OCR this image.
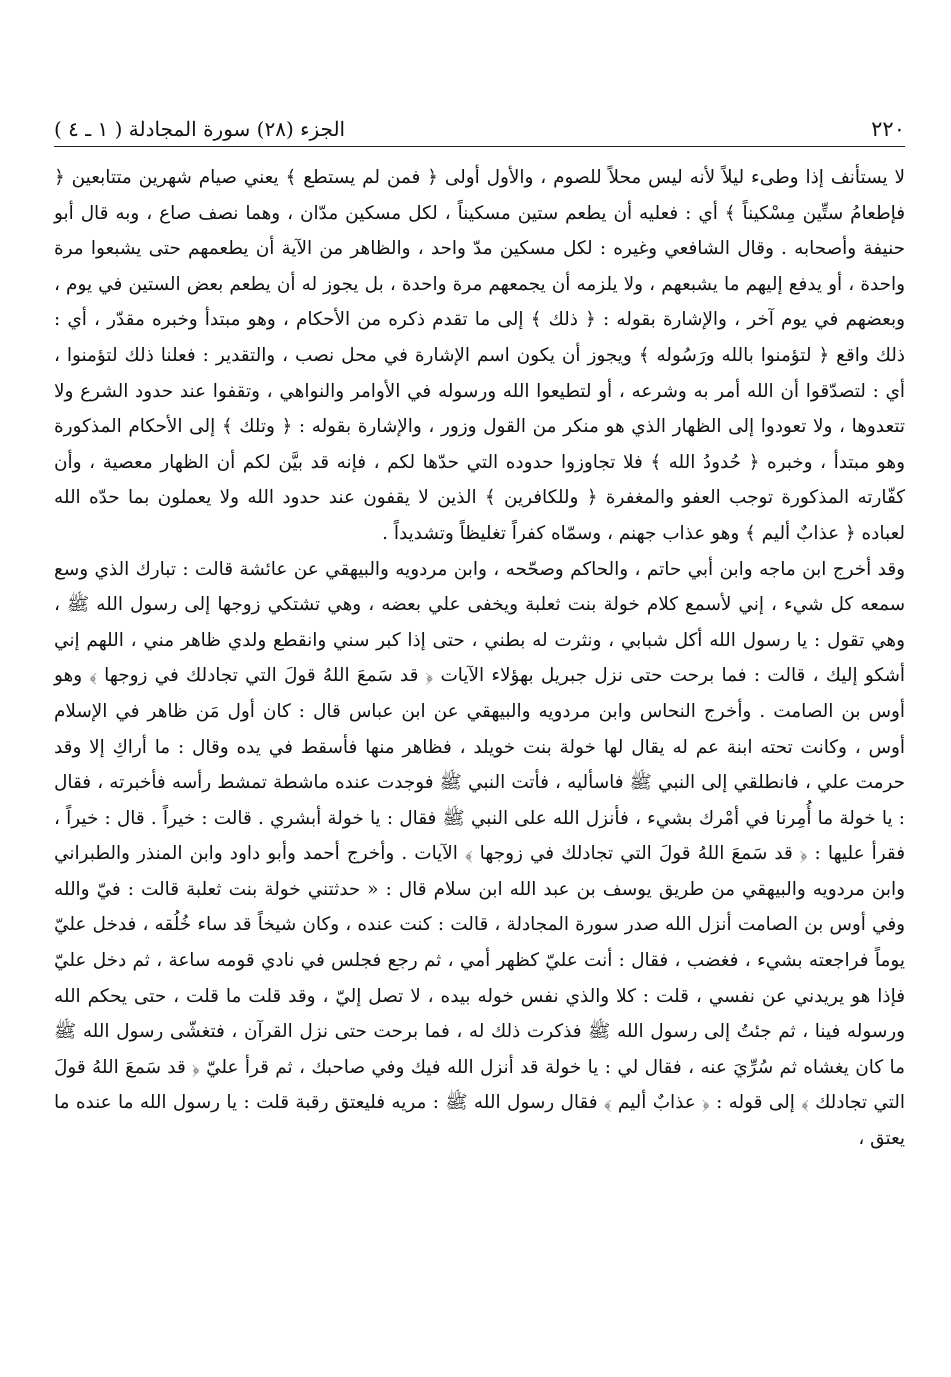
٢٢٠
الجزء (٢٨) سورة المجادلة ( ١ ـ ٤ )

لا يستأنف إذا وطىء ليلاً لأنه ليس محلاً للصوم ، والأول أولى ﴿ فمن لم يستطع ﴾ يعني صيام شهرين متتابعين ﴿ فإطعامُ ستِّين مِسْكيناً ﴾ أي : فعليه أن يطعم ستين مسكيناً ، لكل مسكين مدّان ، وهما نصف صاع ، وبه قال أبو حنيفة وأصحابه . وقال الشافعي وغيره : لكل مسكين مدّ واحد ، والظاهر من الآية أن يطعمهم حتى يشبعوا مرة واحدة ، أو يدفع إليهم ما يشبعهم ، ولا يلزمه أن يجمعهم مرة واحدة ، بل يجوز له أن يطعم بعض الستين في يوم ، وبعضهم في يوم آخر ، والإشارة بقوله : ﴿ ذلك ﴾ إلى ما تقدم ذكره من الأحكام ، وهو مبتدأ وخبره مقدّر ، أي : ذلك واقع ﴿ لتؤمنوا بالله ورَسُوله ﴾ ويجوز أن يكون اسم الإشارة في محل نصب ، والتقدير : فعلنا ذلك لتؤمنوا ، أي : لتصدّقوا أن الله أمر به وشرعه ، أو لتطيعوا الله ورسوله في الأوامر والنواهي ، وتقفوا عند حدود الشرع ولا تتعدوها ، ولا تعودوا إلى الظهار الذي هو منكر من القول وزور ، والإشارة بقوله : ﴿ وتلك ﴾ إلى الأحكام المذكورة وهو مبتدأ ، وخبره ﴿ حُدودُ الله ﴾ فلا تجاوزوا حدوده التي حدّها لكم ، فإنه قد بيَّن لكم أن الظهار معصية ، وأن كفّارته المذكورة توجب العفو والمغفرة ﴿ وللكافرين ﴾ الذين لا يقفون عند حدود الله ولا يعملون بما حدّه الله لعباده ﴿ عذابٌ أليم ﴾ وهو عذاب جهنم ، وسمّاه كفراً تغليظاً وتشديداً .

وقد أخرج ابن ماجه وابن أبي حاتم ، والحاكم وصحّحه ، وابن مردويه والبيهقي عن عائشة قالت : تبارك الذي وسع سمعه كل شيء ، إني لأسمع كلام خولة بنت ثعلبة ويخفى علي بعضه ، وهي تشتكي زوجها إلى رسول الله ﷺ ، وهي تقول : يا رسول الله أكل شبابي ، ونثرت له بطني ، حتى إذا كبر سني وانقطع ولدي ظاهر مني ، اللهم إني أشكو إليك ، قالت : فما برحت حتى نزل جبريل بهؤلاء الآيات ﴿ قد سَمعَ اللهُ قولَ التي تجادلك في زوجها ﴾ وهو أوس بن الصامت . وأخرج النحاس وابن مردويه والبيهقي عن ابن عباس قال : كان أول مَن ظاهر في الإسلام أوس ، وكانت تحته ابنة عم له يقال لها خولة بنت خويلد ، فظاهر منها فأسقط في يده وقال : ما أراكِ إلا وقد حرمت علي ، فانطلقي إلى النبي ﷺ فاسأليه ، فأتت النبي ﷺ فوجدت عنده ماشطة تمشط رأسه فأخبرته ، فقال : يا خولة ما أُمِرنا في أمْرك بشيء ، فأنزل الله على النبي ﷺ فقال : يا خولة أبشري . قالت : خيراً . قال : خيراً ، فقرأ عليها : ﴿ قد سَمعَ اللهُ قولَ التي تجادلك في زوجها ﴾ الآيات . وأخرج أحمد وأبو داود وابن المنذر والطبراني وابن مردويه والبيهقي من طريق يوسف بن عبد الله ابن سلام قال : « حدثتني خولة بنت ثعلبة قالت : فيّ والله وفي أوس بن الصامت أنزل الله صدر سورة المجادلة ، قالت : كنت عنده ، وكان شيخاً قد ساء خُلُقه ، فدخل عليّ يوماً فراجعته بشيء ، فغضب ، فقال : أنت عليّ كظهر أمي ، ثم رجع فجلس في نادي قومه ساعة ، ثم دخل عليّ فإذا هو يريدني عن نفسي ، قلت : كلا والذي نفس خوله بيده ، لا تصل إليّ ، وقد قلت ما قلت ، حتى يحكم الله ورسوله فينا ، ثم جئتُ إلى رسول الله ﷺ فذكرت ذلك له ، فما برحت حتى نزل القرآن ، فتغشّى رسول الله ﷺ ما كان يغشاه ثم سُرِّيَ عنه ، فقال لي : يا خولة قد أنزل الله فيك وفي صاحبك ، ثم قرأ عليّ ﴿ قد سَمعَ اللهُ قولَ التي تجادلك ﴾ إلى قوله : ﴿ عذابٌ أليم ﴾ فقال رسول الله ﷺ : مريه فليعتق رقبة قلت : يا رسول الله ما عنده ما يعتق ،
